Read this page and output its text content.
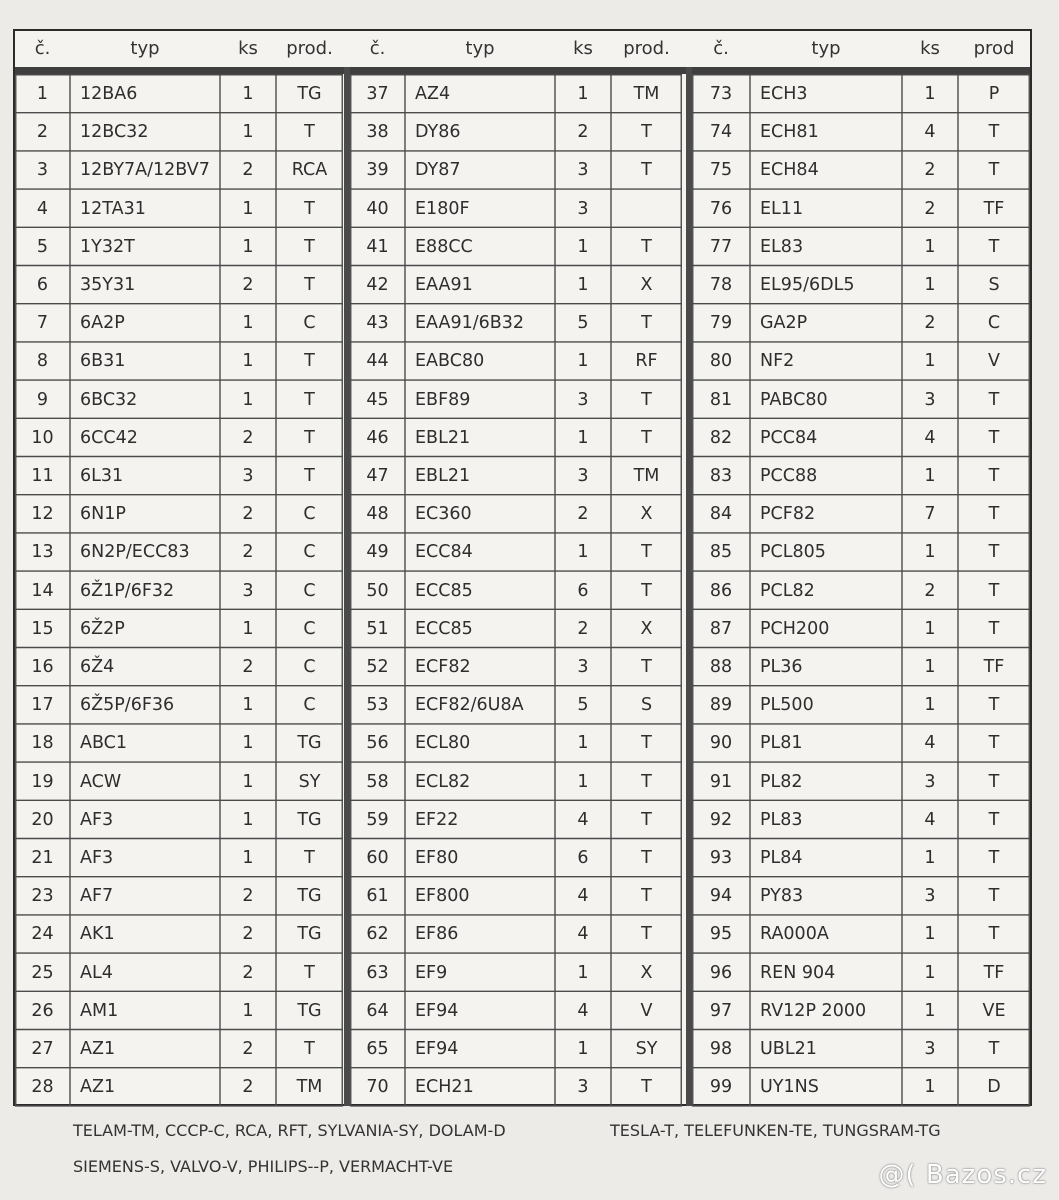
č.	typ	ks	prod.	č.	typ	ks	prod.	č.	typ	ks	prod
1	12BA6	1	TG
2	12BC32	1	T
3	12BY7A/12BV7	2	RCA
4	12TA31	1	T
5	1Y32T	1	T
6	35Y31	2	T
7	6A2P	1	C
8	6B31	1	T
9	6BC32	1	T
10	6CC42	2	T
11	6L31	3	T
12	6N1P	2	C
13	6N2P/ECC83	2	C
14	6Ž1P/6F32	3	C
15	6Ž2P	1	C
16	6Ž4	2	C
17	6Ž5P/6F36	1	C
18	ABC1	1	TG
19	ACW	1	SY
20	AF3	1	TG
21	AF3	1	T
23	AF7	2	TG
24	AK1	2	TG
25	AL4	2	T
26	AM1	1	TG
27	AZ1	2	T
28	AZ1	2	TM
37	AZ4	1	TM
38	DY86	2	T
39	DY87	3	T
40	E180F	3
41	E88CC	1	T
42	EAA91	1	X
43	EAA91/6B32	5	T
44	EABC80	1	RF
45	EBF89	3	T
46	EBL21	1	T
47	EBL21	3	TM
48	EC360	2	X
49	ECC84	1	T
50	ECC85	6	T
51	ECC85	2	X
52	ECF82	3	T
53	ECF82/6U8A	5	S
56	ECL80	1	T
58	ECL82	1	T
59	EF22	4	T
60	EF80	6	T
61	EF800	4	T
62	EF86	4	T
63	EF9	1	X
64	EF94	4	V
65	EF94	1	SY
70	ECH21	3	T
73	ECH3	1	P
74	ECH81	4	T
75	ECH84	2	T
76	EL11	2	TF
77	EL83	1	T
78	EL95/6DL5	1	S
79	GA2P	2	C
80	NF2	1	V
81	PABC80	3	T
82	PCC84	4	T
83	PCC88	1	T
84	PCF82	7	T
85	PCL805	1	T
86	PCL82	2	T
87	PCH200	1	T
88	PL36	1	TF
89	PL500	1	T
90	PL81	4	T
91	PL82	3	T
92	PL83	4	T
93	PL84	1	T
94	PY83	3	T
95	RA000A	1	T
96	REN 904	1	TF
97	RV12P 2000	1	VE
98	UBL21	3	T
99	UY1NS	1	D
TELAM-TM, CCCP-C, RCA, RFT, SYLVANIA-SY, DOLAM-D	TESLA-T, TELEFUNKEN-TE, TUNGSRAM-TG
SIEMENS-S, VALVO-V, PHILIPS--P, VERMACHT-VE	@( Bazos.cz
